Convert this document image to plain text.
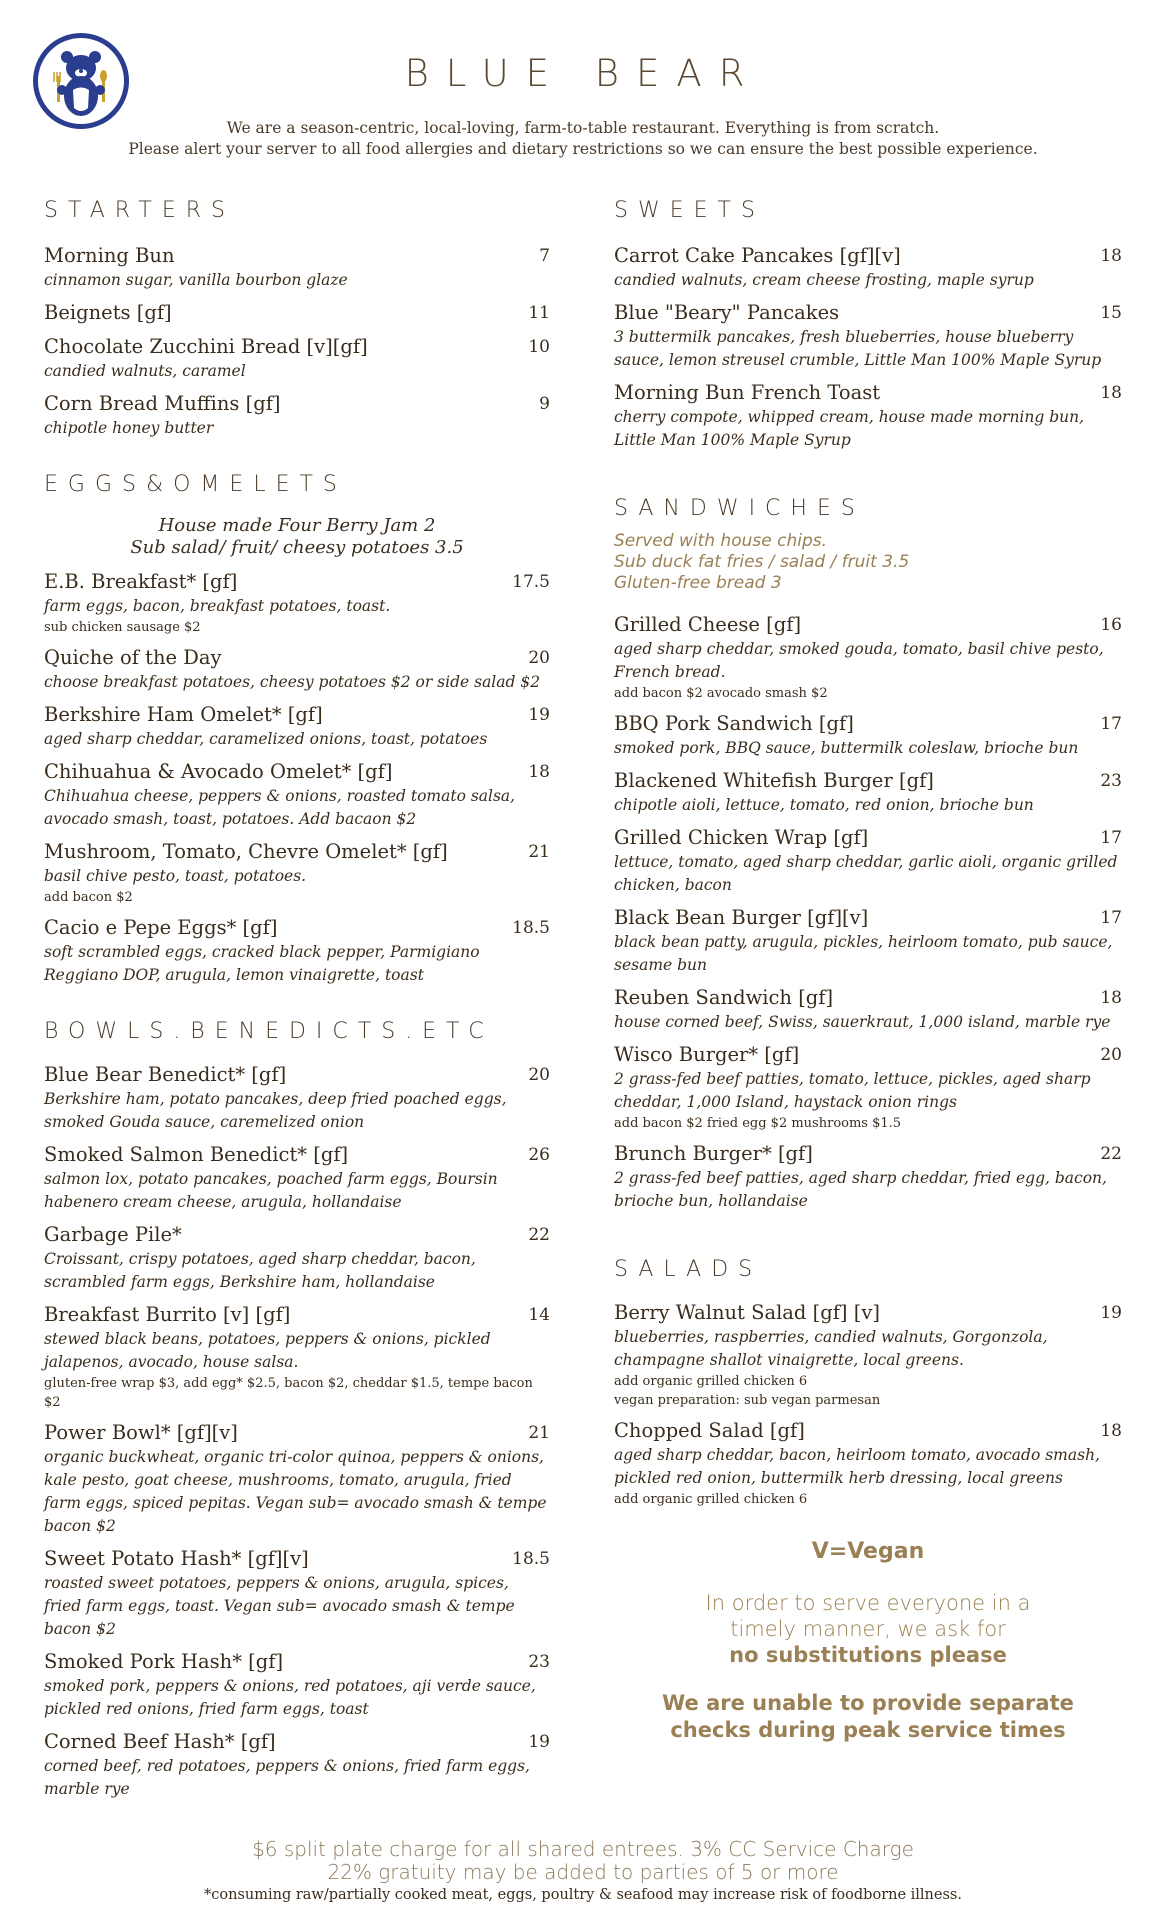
BLUE BEAR
We are a season-centric, local-loving, farm-to-table restaurant. Everything is from scratch.
Please alert your server to all food allergies and dietary restrictions so we can ensure the best possible experience.
STARTERS
Morning Bun	7
cinnamon sugar, vanilla bourbon glaze
Beignets [gf]	11
Chocolate Zucchini Bread [v][gf]	10
candied walnuts, caramel
Corn Bread Muffins [gf]	9
chipotle honey butter
EGGS&OMELETS
House made Four Berry Jam 2
Sub salad/ fruit/ cheesy potatoes 3.5
E.B. Breakfast* [gf]	17.5
farm eggs, bacon, breakfast potatoes, toast.
sub chicken sausage $2
Quiche of the Day	20
choose breakfast potatoes, cheesy potatoes $2 or side salad $2
Berkshire Ham Omelet* [gf]	19
aged sharp cheddar, caramelized onions, toast, potatoes
Chihuahua & Avocado Omelet* [gf]	18
Chihuahua cheese, peppers & onions, roasted tomato salsa, avocado smash, toast, potatoes. Add bacaon $2
Mushroom, Tomato, Chevre Omelet* [gf]	21
basil chive pesto, toast, potatoes.
add bacon $2
Cacio e Pepe Eggs* [gf]	18.5
soft scrambled eggs, cracked black pepper, Parmigiano Reggiano DOP, arugula, lemon vinaigrette, toast
BOWLS.BENEDICTS.ETC
Blue Bear Benedict* [gf]	20
Berkshire ham, potato pancakes, deep fried poached eggs, smoked Gouda sauce, caremelized onion
Smoked Salmon Benedict* [gf]	26
salmon lox, potato pancakes, poached farm eggs, Boursin habenero cream cheese, arugula, hollandaise
Garbage Pile*	22
Croissant, crispy potatoes, aged sharp cheddar, bacon, scrambled farm eggs, Berkshire ham, hollandaise
Breakfast Burrito [v] [gf]	14
stewed black beans, potatoes, peppers & onions, pickled jalapenos, avocado, house salsa.
gluten-free wrap $3, add egg* $2.5, bacon $2, cheddar $1.5, tempe bacon $2
Power Bowl* [gf][v]	21
organic buckwheat, organic tri-color quinoa, peppers & onions, kale pesto, goat cheese, mushrooms, tomato, arugula, fried farm eggs, spiced pepitas. Vegan sub= avocado smash & tempe bacon $2
Sweet Potato Hash* [gf][v]	18.5
roasted sweet potatoes, peppers & onions, arugula, spices, fried farm eggs, toast. Vegan sub= avocado smash & tempe bacon $2
Smoked Pork Hash* [gf]	23
smoked pork, peppers & onions, red potatoes, aji verde sauce, pickled red onions, fried farm eggs, toast
Corned Beef Hash* [gf]	19
corned beef, red potatoes, peppers & onions, fried farm eggs, marble rye
SWEETS
Carrot Cake Pancakes [gf][v]	18
candied walnuts, cream cheese frosting, maple syrup
Blue "Beary" Pancakes	15
3 buttermilk pancakes, fresh blueberries, house blueberry sauce, lemon streusel crumble, Little Man 100% Maple Syrup
Morning Bun French Toast	18
cherry compote, whipped cream, house made morning bun, Little Man 100% Maple Syrup
SANDWICHES
Served with house chips.
Sub duck fat fries / salad / fruit 3.5
Gluten-free bread 3
Grilled Cheese [gf]	16
aged sharp cheddar, smoked gouda, tomato, basil chive pesto, French bread.
add bacon $2 avocado smash $2
BBQ Pork Sandwich [gf]	17
smoked pork, BBQ sauce, buttermilk coleslaw, brioche bun
Blackened Whitefish Burger [gf]	23
chipotle aioli, lettuce, tomato, red onion, brioche bun
Grilled Chicken Wrap [gf]	17
lettuce, tomato, aged sharp cheddar, garlic aioli, organic grilled chicken, bacon
Black Bean Burger [gf][v]	17
black bean patty, arugula, pickles, heirloom tomato, pub sauce, sesame bun
Reuben Sandwich [gf]	18
house corned beef, Swiss, sauerkraut, 1,000 island, marble rye
Wisco Burger* [gf]	20
2 grass-fed beef patties, tomato, lettuce, pickles, aged sharp cheddar, 1,000 Island, haystack onion rings
add bacon $2 fried egg $2 mushrooms $1.5
Brunch Burger* [gf]	22
2 grass-fed beef patties, aged sharp cheddar, fried egg, bacon, brioche bun, hollandaise
SALADS
Berry Walnut Salad [gf] [v]	19
blueberries, raspberries, candied walnuts, Gorgonzola, champagne shallot vinaigrette, local greens.
add organic grilled chicken 6
vegan preparation: sub vegan parmesan
Chopped Salad [gf]	18
aged sharp cheddar, bacon, heirloom tomato, avocado smash, pickled red onion, buttermilk herb dressing, local greens
add organic grilled chicken 6
V=Vegan
In order to serve everyone in a
timely manner, we ask for
no substitutions please
We are unable to provide separate
checks during peak service times
$6 split plate charge for all shared entrees. 3% CC Service Charge
22% gratuity may be added to parties of 5 or more
*consuming raw/partially cooked meat, eggs, poultry & seafood may increase risk of foodborne illness.
